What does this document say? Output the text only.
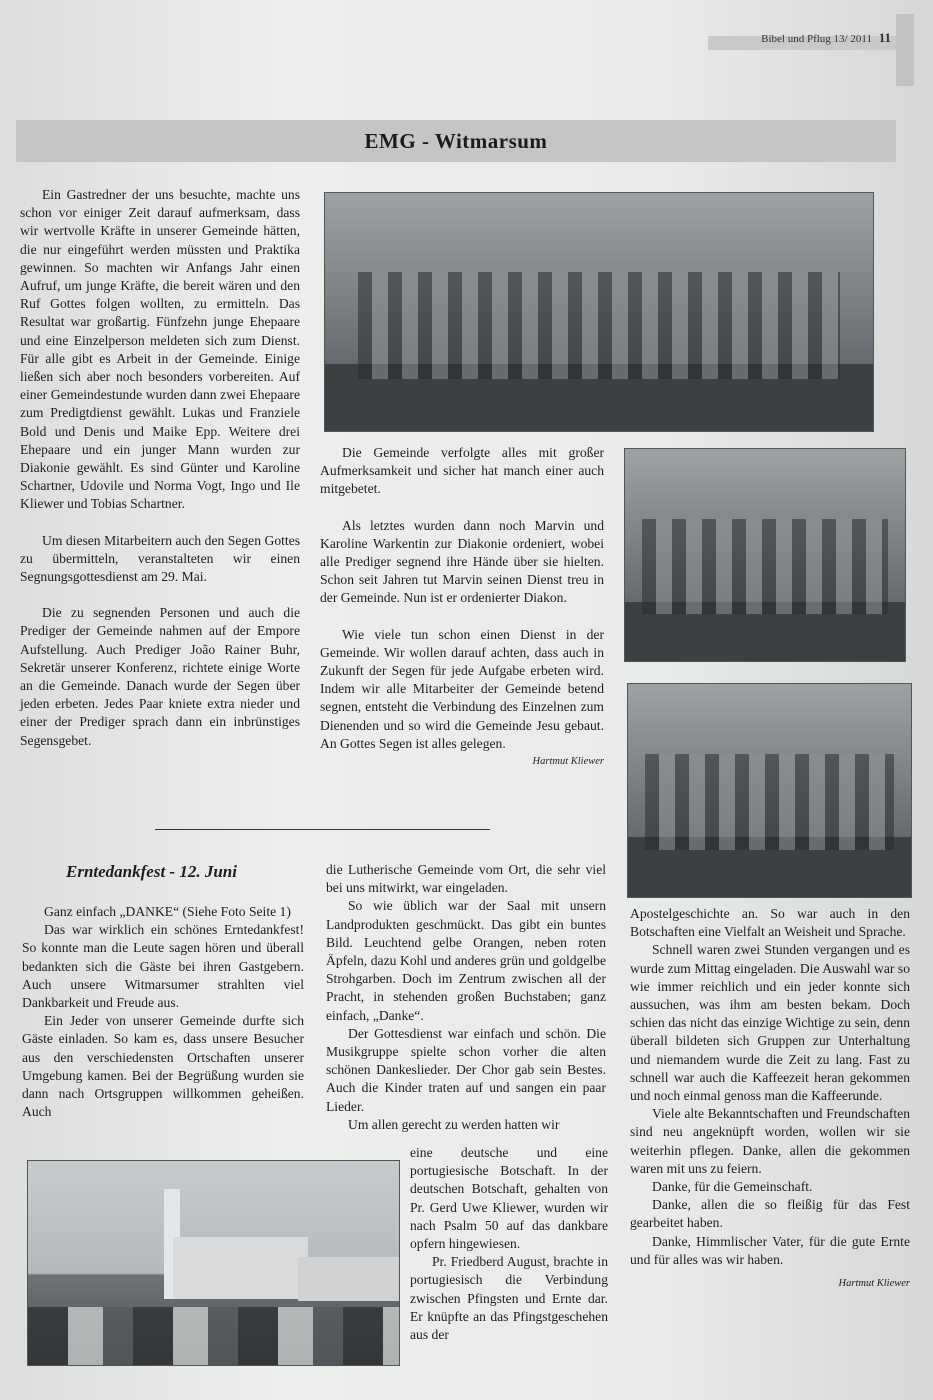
Bibel und Pflug 13/ 2011 11
EMG - Witmarsum

Ein Gastredner der uns besuchte, machte uns schon vor einiger Zeit darauf aufmerksam, dass wir wertvolle Kräfte in unserer Gemeinde hätten, die nur eingeführt werden müssten und Praktika gewinnen. So machten wir Anfangs Jahr einen Aufruf, um junge Kräfte, die bereit wären und den Ruf Gottes folgen wollten, zu ermitteln. Das Resultat war großartig. Fünfzehn junge Ehepaare und eine Einzelperson meldeten sich zum Dienst. Für alle gibt es Arbeit in der Gemeinde. Einige ließen sich aber noch besonders vorbereiten. Auf einer Gemeindestunde wurden dann zwei Ehepaare zum Predigtdienst gewählt. Lukas und Franziele Bold und Denis und Maike Epp. Weitere drei Ehepaare und ein junger Mann wurden zur Diakonie gewählt. Es sind Günter und Karoline Schartner, Udovile und Norma Vogt, Ingo und Ile Kliewer und Tobias Schartner.

Um diesen Mitarbeitern auch den Segen Gottes zu übermitteln, veranstalteten wir einen Segnungsgottesdienst am 29. Mai.

Die zu segnenden Personen und auch die Prediger der Gemeinde nahmen auf der Empore Aufstellung. Auch Prediger João Rainer Buhr, Sekretär unserer Konferenz, richtete einige Worte an die Gemeinde. Danach wurde der Segen über jeden erbeten. Jedes Paar kniete extra nieder und einer der Prediger sprach dann ein inbrünstiges Segensgebet.

Die Gemeinde verfolgte alles mit großer Aufmerksamkeit und sicher hat manch einer auch mitgebetet.

Als letztes wurden dann noch Marvin und Karoline Warkentin zur Diakonie ordeniert, wobei alle Prediger segnend ihre Hände über sie hielten. Schon seit Jahren tut Marvin seinen Dienst treu in der Gemeinde. Nun ist er ordenierter Diakon.

Wie viele tun schon einen Dienst in der Gemeinde. Wir wollen darauf achten, dass auch in Zukunft der Segen für jede Aufgabe erbeten wird. Indem wir alle Mitarbeiter der Gemeinde betend segnen, entsteht die Verbindung des Einzelnen zum Dienenden und so wird die Gemeinde Jesu gebaut. An Gottes Segen ist alles gelegen.

Hartmut Kliewer
Erntedankfest - 12. Juni

Ganz einfach „DANKE“ (Siehe Foto Seite 1)

Das war wirklich ein schönes Erntedankfest! So konnte man die Leute sagen hören und überall bedankten sich die Gäste bei ihren Gastgebern. Auch unsere Witmarsumer strahlten viel Dankbarkeit und Freude aus.

Ein Jeder von unserer Gemeinde durfte sich Gäste einladen. So kam es, dass unsere Besucher aus den verschiedensten Ortschaften unserer Umgebung kamen. Bei der Begrüßung wurden sie dann nach Ortsgruppen willkommen geheißen. Auch

die Lutherische Gemeinde vom Ort, die sehr viel bei uns mitwirkt, war eingeladen.

So wie üblich war der Saal mit unsern Landprodukten geschmückt. Das gibt ein buntes Bild. Leuchtend gelbe Orangen, neben roten Äpfeln, dazu Kohl und anderes grün und goldgelbe Strohgarben. Doch im Zentrum zwischen all der Pracht, in stehenden großen Buchstaben; ganz einfach, „Danke“.

Der Gottesdienst war einfach und schön. Die Musikgruppe spielte schon vorher die alten schönen Dankeslieder. Der Chor gab sein Bestes. Auch die Kinder traten auf und sangen ein paar Lieder.

Um allen gerecht zu werden hatten wir

eine deutsche und eine portugiesische Botschaft. In der deutschen Botschaft, gehalten von Pr. Gerd Uwe Kliewer, wurden wir nach Psalm 50 auf das dankbare opfern hingewiesen.

Pr. Friedberd August, brachte in portugiesisch die Verbindung zwischen Pfingsten und Ernte dar. Er knüpfte an das Pfingstgeschehen aus der

Apostelgeschichte an. So war auch in den Botschaften eine Vielfalt an Weisheit und Sprache.

Schnell waren zwei Stunden vergangen und es wurde zum Mittag eingeladen. Die Auswahl war so wie immer reichlich und ein jeder konnte sich aussuchen, was ihm am besten bekam. Doch schien das nicht das einzige Wichtige zu sein, denn überall bildeten sich Gruppen zur Unterhaltung und niemandem wurde die Zeit zu lang. Fast zu schnell war auch die Kaffeezeit heran gekommen und noch einmal genoss man die Kaffeerunde.

Viele alte Bekanntschaften und Freundschaften sind neu angeknüpft worden, wollen wir sie weiterhin pflegen. Danke, allen die gekommen waren mit uns zu feiern.

Danke, für die Gemeinschaft.

Danke, allen die so fleißig für das Fest gearbeitet haben.

Danke, Himmlischer Vater, für die gute Ernte und für alles was wir haben.

Hartmut Kliewer
